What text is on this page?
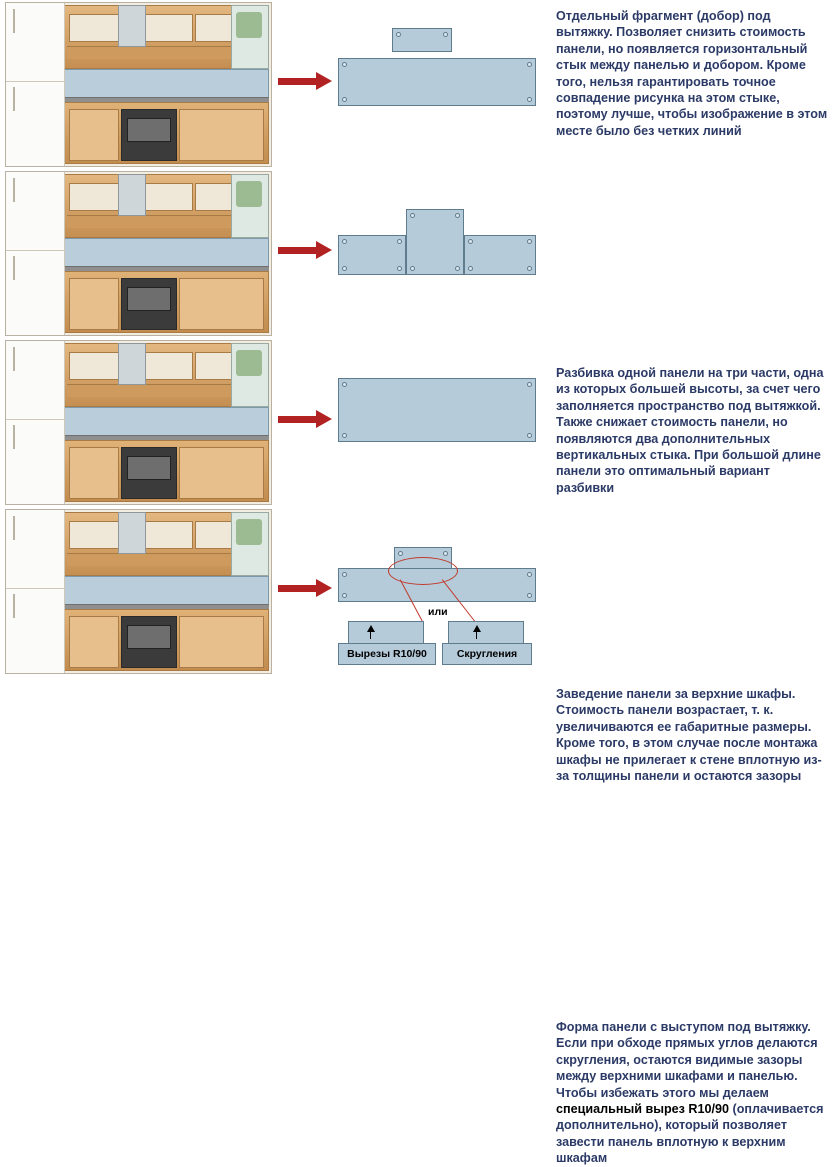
Отдельный фрагмент (добор) под вытяжку. Позволяет снизить стоимость панели, но появляется горизонтальный стык между панелью и добором. Кроме того, нельзя гарантировать точное совпадение рисунка на этом стыке, поэтому лучше, чтобы изображение в этом месте было без четких линий
Разбивка одной панели на три части, одна из которых большей высоты, за счет чего заполняется пространство под вытяжкой. Также снижает стоимость панели, но появляются два дополнительных вертикальных стыка. При большой длине панели это оптимальный вариант разбивки
Заведение панели за верхние шкафы. Стоимость панели возрастает, т. к. увеличиваются ее габаритные размеры. Кроме того, в этом случае после монтажа шкафы не прилегает к стене вплотную из-за толщины панели и остаются зазоры
или
Вырезы R10/90	Скругления
Форма панели с выступом под вытяжку. Если при обходе прямых углов делаются скругления, остаются видимые зазоры между верхними шкафами и панелью. Чтобы избежать этого мы делаем специальный вырез R10/90 (оплачивается дополнительно), который позволяет завести панель вплотную к верхним шкафам
